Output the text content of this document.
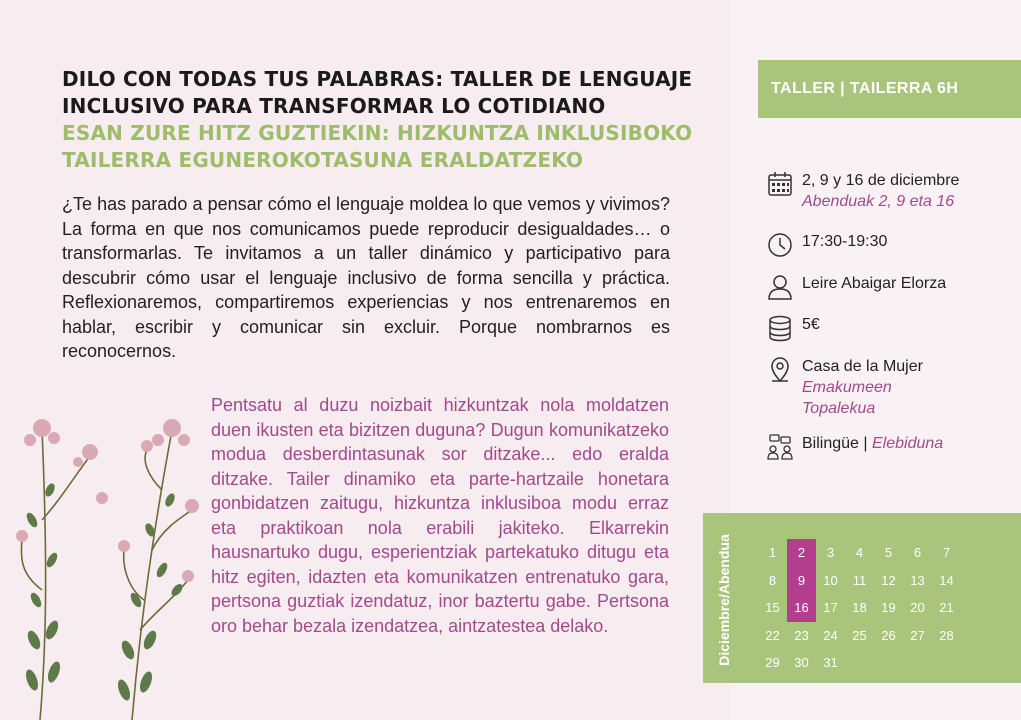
DILO CON TODAS TUS PALABRAS: TALLER DE LENGUAJE
INCLUSIVO PARA TRANSFORMAR LO COTIDIANO

ESAN ZURE HITZ GUZTIEKIN: HIZKUNTZA INKLUSIBOKO
TAILERRA EGUNEROKOTASUNA ERALDATZEKO

¿Te has parado a pensar cómo el lenguaje moldea lo que vemos y vivimos? La forma en que nos comunicamos puede reproducir desigualdades… o transformarlas. Te invitamos a un taller dinámico y participativo para descubrir cómo usar el lenguaje inclusivo de forma sencilla y práctica. Reflexionaremos, compartiremos experiencias y nos entrenaremos en hablar, escribir y comunicar sin excluir. Porque nombrarnos es reconocernos.

Pentsatu al duzu noizbait hizkuntzak nola moldatzen duen ikusten eta bizitzen duguna? Dugun komunikatzeko modua desberdintasunak sor ditzake... edo eralda ditzake. Tailer dinamiko eta parte-hartzaile honetara gonbidatzen zaitugu, hizkuntza inklusiboa modu erraz eta praktikoan nola erabili jakiteko. Elkarrekin hausnartuko dugu, esperientziak partekatuko ditugu eta hitz egiten, idazten eta komunikatzen entrenatuko gara, pertsona guztiak izendatuz, inor baztertu gabe. Pertsona oro behar bezala izendatzea, aintzatestea delako.

TALLER | TAILERRA 6H
2, 9 y 16 de diciembre
Abenduak 2, 9 eta 16
17:30-19:30
Leire Abaigar Elorza
5€
Casa de la Mujer
Emakumeen
Topalekua
Bilingüe | Elebiduna
Diciembre/Abendua	1	2	3	4	5	6	7
8	9	10	11	12	13	14
15	16	17	18	19	20	21
22	23	24	25	26	27	28
29	30	31
